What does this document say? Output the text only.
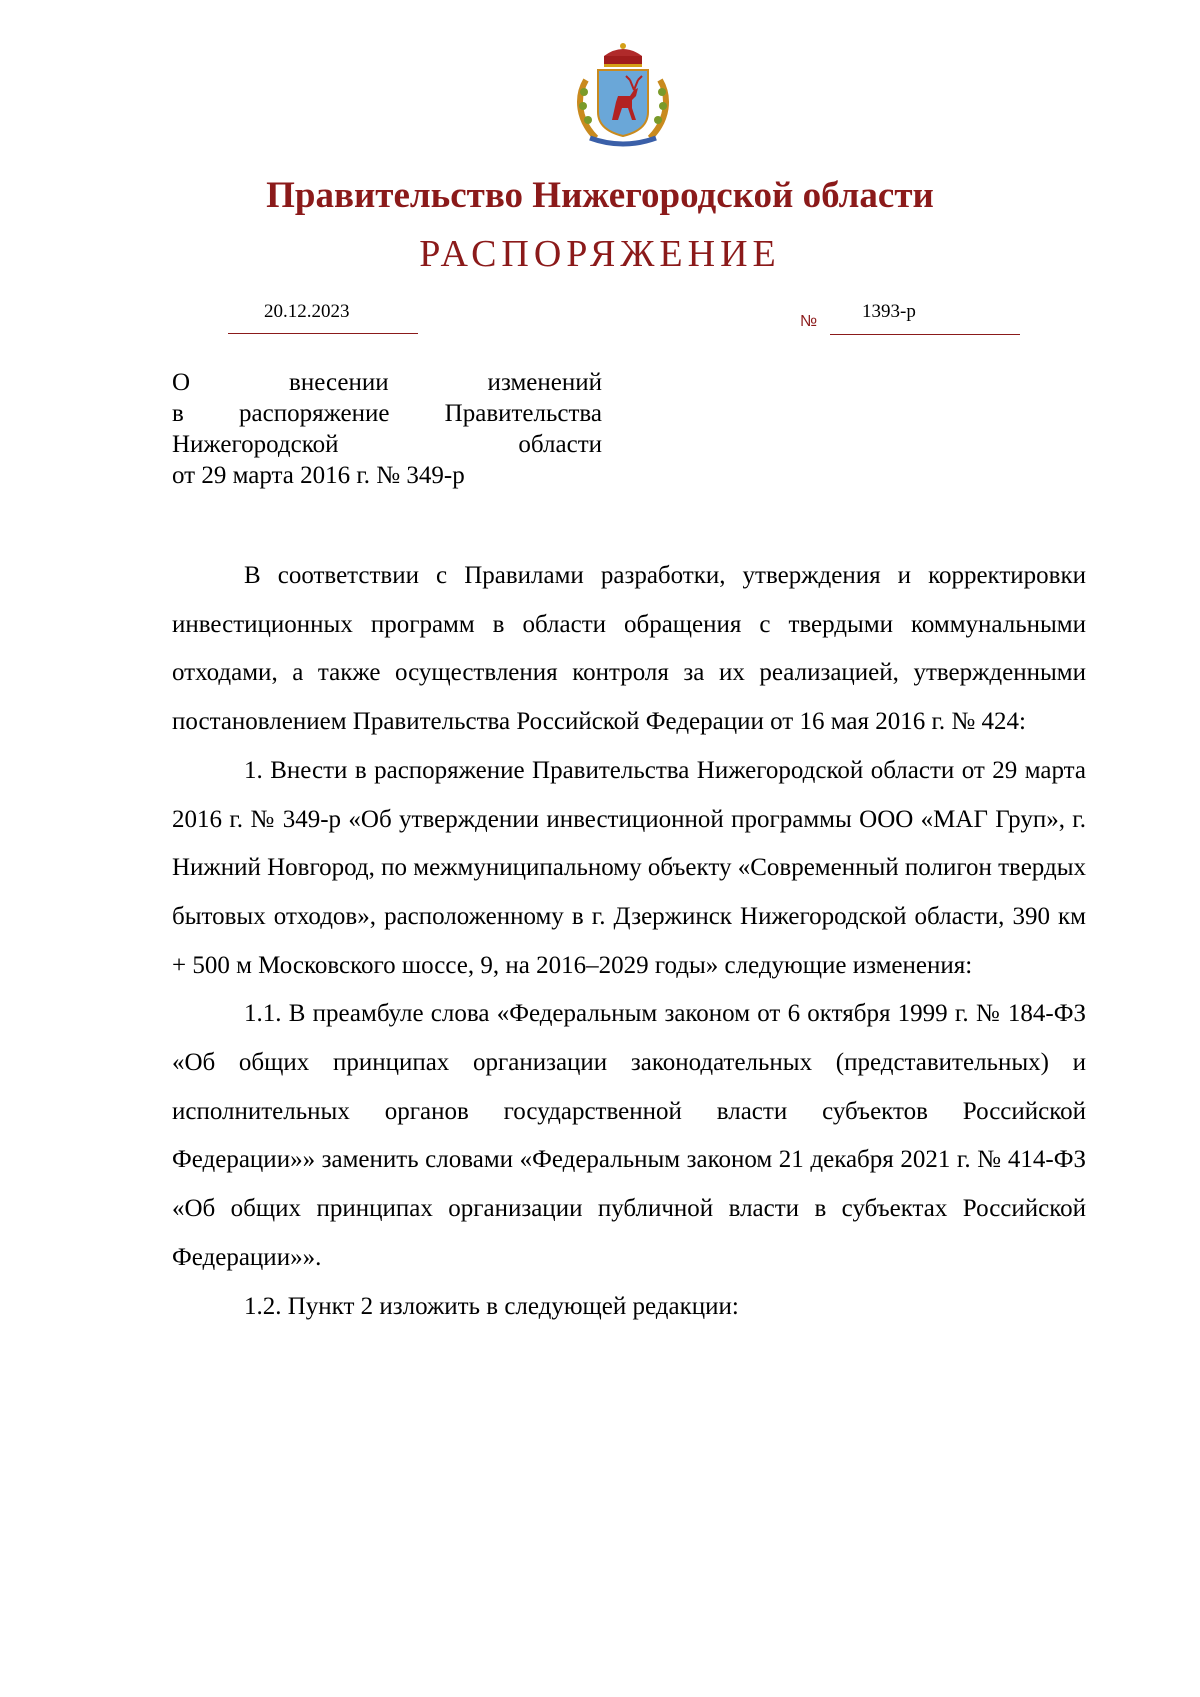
Правительство Нижегородской области
РАСПОРЯЖЕНИЕ
20.12.2023	№ 1393-р
О внесении изменений
в распоряжение Правительства
Нижегородской области
от 29 марта 2016 г. № 349-р

В соответствии с Правилами разработки, утверждения и корректировки инвестиционных программ в области обращения с твердыми коммунальными отходами, а также осуществления контроля за их реализацией, утвержденными постановлением Правительства Российской Федерации от 16 мая 2016 г. № 424:

1. Внести в распоряжение Правительства Нижегородской области от 29 марта 2016 г. № 349-р «Об утверждении инвестиционной программы ООО «МАГ Груп», г. Нижний Новгород, по межмуниципальному объекту «Современный полигон твердых бытовых отходов», расположенному в г. Дзержинск Нижегородской области, 390 км + 500 м Московского шоссе, 9, на 2016–2029 годы» следующие изменения:

1.1. В преамбуле слова «Федеральным законом от 6 октября 1999 г. № 184-ФЗ «Об общих принципах организации законодательных (представительных) и исполнительных органов государственной власти субъектов Российской Федерации»» заменить словами «Федеральным законом 21 декабря 2021 г. № 414-ФЗ «Об общих принципах организации публичной власти в субъектах Российской Федерации»».

1.2. Пункт 2 изложить в следующей редакции:
